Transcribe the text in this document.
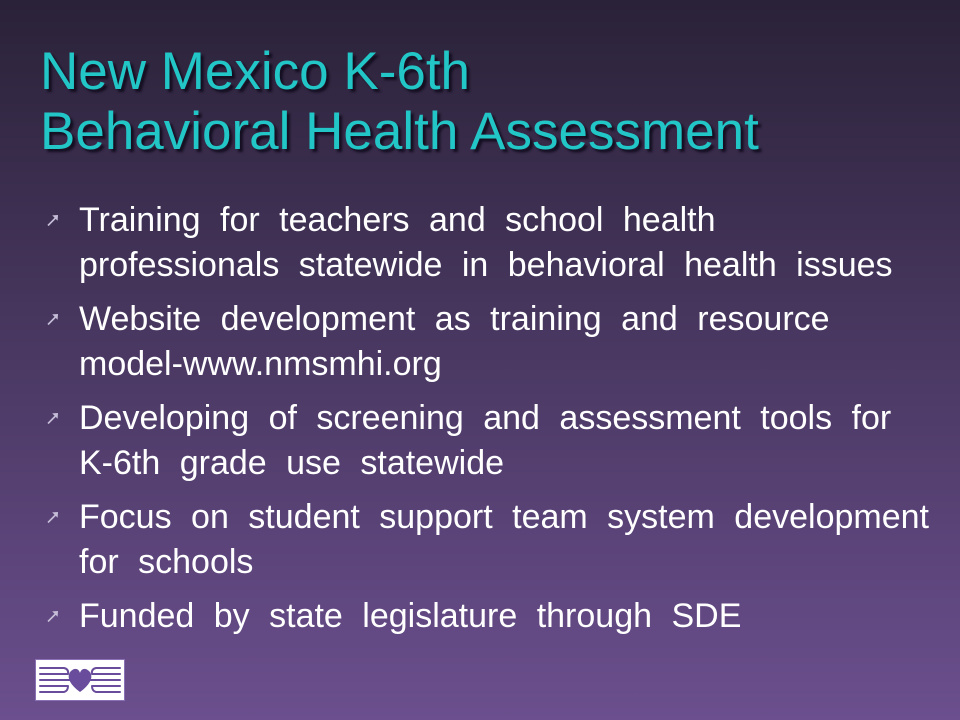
New Mexico K-6th
Behavioral Health Assessment
Training for teachers and school health
professionals statewide in behavioral health issues
Website development as training and resource
model-www.nmsmhi.org
Developing of screening and assessment tools for
K-6th grade use statewide
Focus on student support team system development
for schools
Funded by state legislature through SDE
